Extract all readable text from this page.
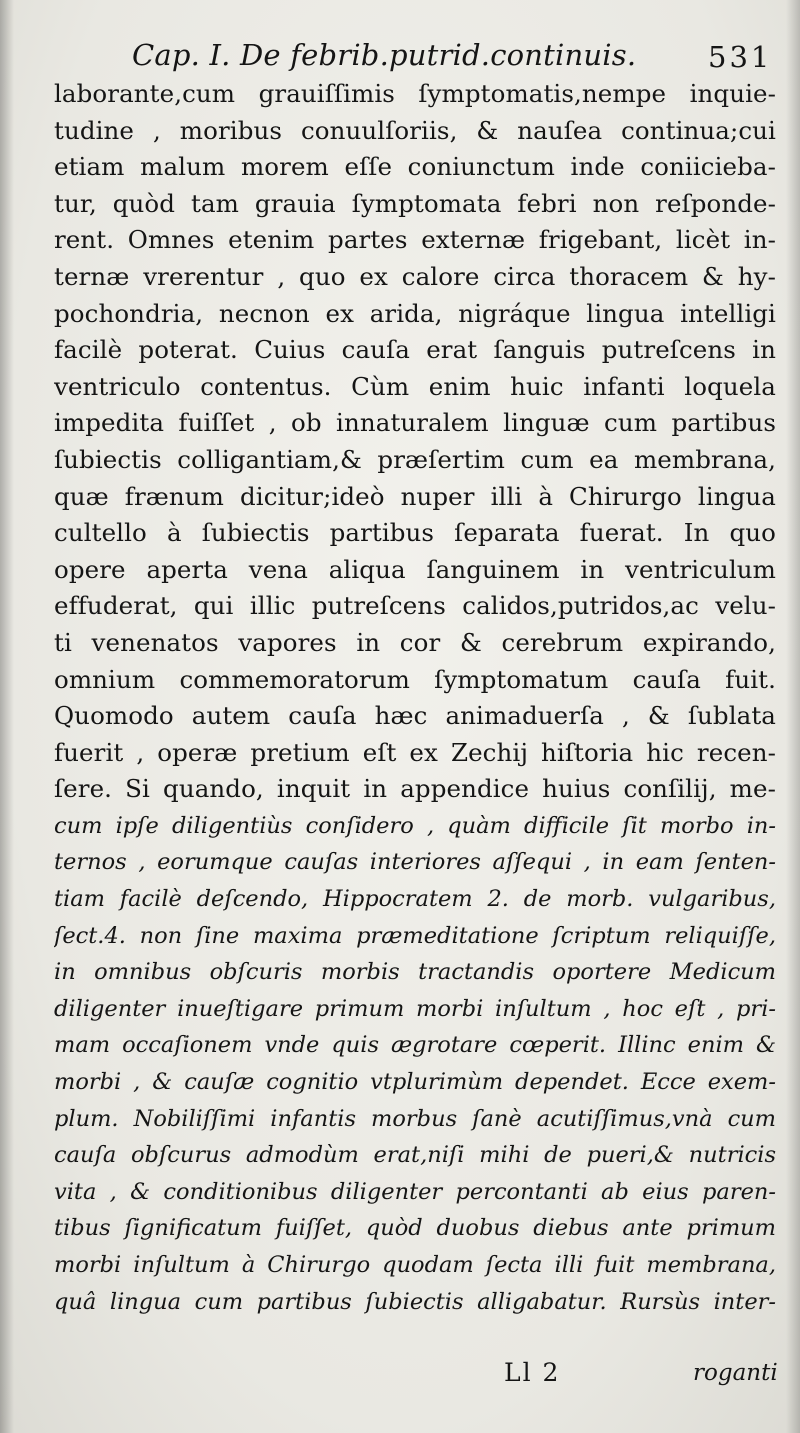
Cap. I. De febrib.putrid.continuis. 531
laborante,cum grauiſſimis ſymptomatis,nempe inquie-
tudine , moribus conuulſoriis, & nauſea continua;cui
etiam malum morem eſſe coniunctum inde coniicieba-
tur, quòd tam grauia ſymptomata febri non reſponde-
rent. Omnes etenim partes externæ frigebant, licèt in-
ternæ vrerentur , quo ex calore circa thoracem & hy-
pochondria, necnon ex arida, nigráque lingua intelligi
facilè poterat. Cuius cauſa erat ſanguis putreſcens in
ventriculo contentus. Cùm enim huic infanti loquela
impedita fuiſſet , ob innaturalem linguæ cum partibus
ſubiectis colligantiam,& præſertim cum ea membrana,
quæ frænum dicitur;ideò nuper illi à Chirurgo lingua
cultello à ſubiectis partibus ſeparata fuerat. In quo
opere aperta vena aliqua ſanguinem in ventriculum
effuderat, qui illic putreſcens calidos,putridos,ac velu-
ti venenatos vapores in cor & cerebrum expirando,
omnium commemoratorum ſymptomatum cauſa fuit.
Quomodo autem cauſa hæc animaduerſa , & ſublata
fuerit , operæ pretium eſt ex Zechij hiſtoria hic recen-
ſere. Si quando, inquit in appendice huius conſilij, me-
cum ipſe diligentiùs conſidero , quàm difficile ſit morbo in-
ternos , eorumque cauſas interiores aſſequi , in eam ſenten-
tiam facilè deſcendo, Hippocratem 2. de morb. vulgaribus,
ſect.4. non ſine maxima præmeditatione ſcriptum reliquiſſe,
in omnibus obſcuris morbis tractandis oportere Medicum
diligenter inueſtigare primum morbi inſultum , hoc eſt , pri-
mam occaſionem vnde quis ægrotare cœperit. Illinc enim &
morbi , & cauſæ cognitio vtplurimùm dependet. Ecce exem-
plum. Nobiliſſimi infantis morbus ſanè acutiſſimus,vnà cum
cauſa obſcurus admodùm erat,niſi mihi de pueri,& nutricis
vita , & conditionibus diligenter percontanti ab eius paren-
tibus ſignificatum fuiſſet, quòd duobus diebus ante primum
morbi inſultum à Chirurgo quodam ſecta illi fuit membrana,
quâ lingua cum partibus ſubiectis alligabatur. Rursùs inter-
Ll 2	roganti
